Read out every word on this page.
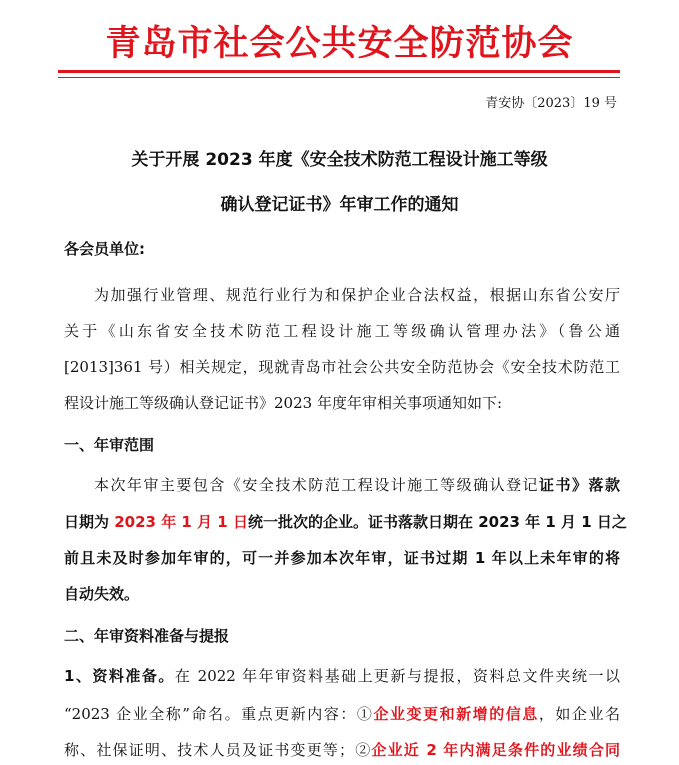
青岛市社会公共安全防范协会
青安协〔2023〕19 号
关于开展 2023 年度《安全技术防范工程设计施工等级
确认登记证书》年审工作的通知
各会员单位:
为加强行业管理、规范行业行为和保护企业合法权益，根据山东省公安厅
关于《山东省安全技术防范工程设计施工等级确认管理办法》（鲁公通
[2013]361 号）相关规定，现就青岛市社会公共安全防范协会《安全技术防范工
程设计施工等级确认登记证书》2023 年度年审相关事项通知如下:
一、年审范围
本次年审主要包含《安全技术防范工程设计施工等级确认登记证书》落款
日期为 2023 年 1 月 1 日统一批次的企业。证书落款日期在 2023 年 1 月 1 日之
前且未及时参加年审的，可一并参加本次年审，证书过期 1 年以上未年审的将
自动失效。
二、年审资料准备与提报
1、资料准备。在 2022 年年审资料基础上更新与提报，资料总文件夹统一以
“2023 企业全称”命名。重点更新内容：①企业变更和新增的信息，如企业名
称、社保证明、技术人员及证书变更等；②企业近 2 年内满足条件的业绩合同
